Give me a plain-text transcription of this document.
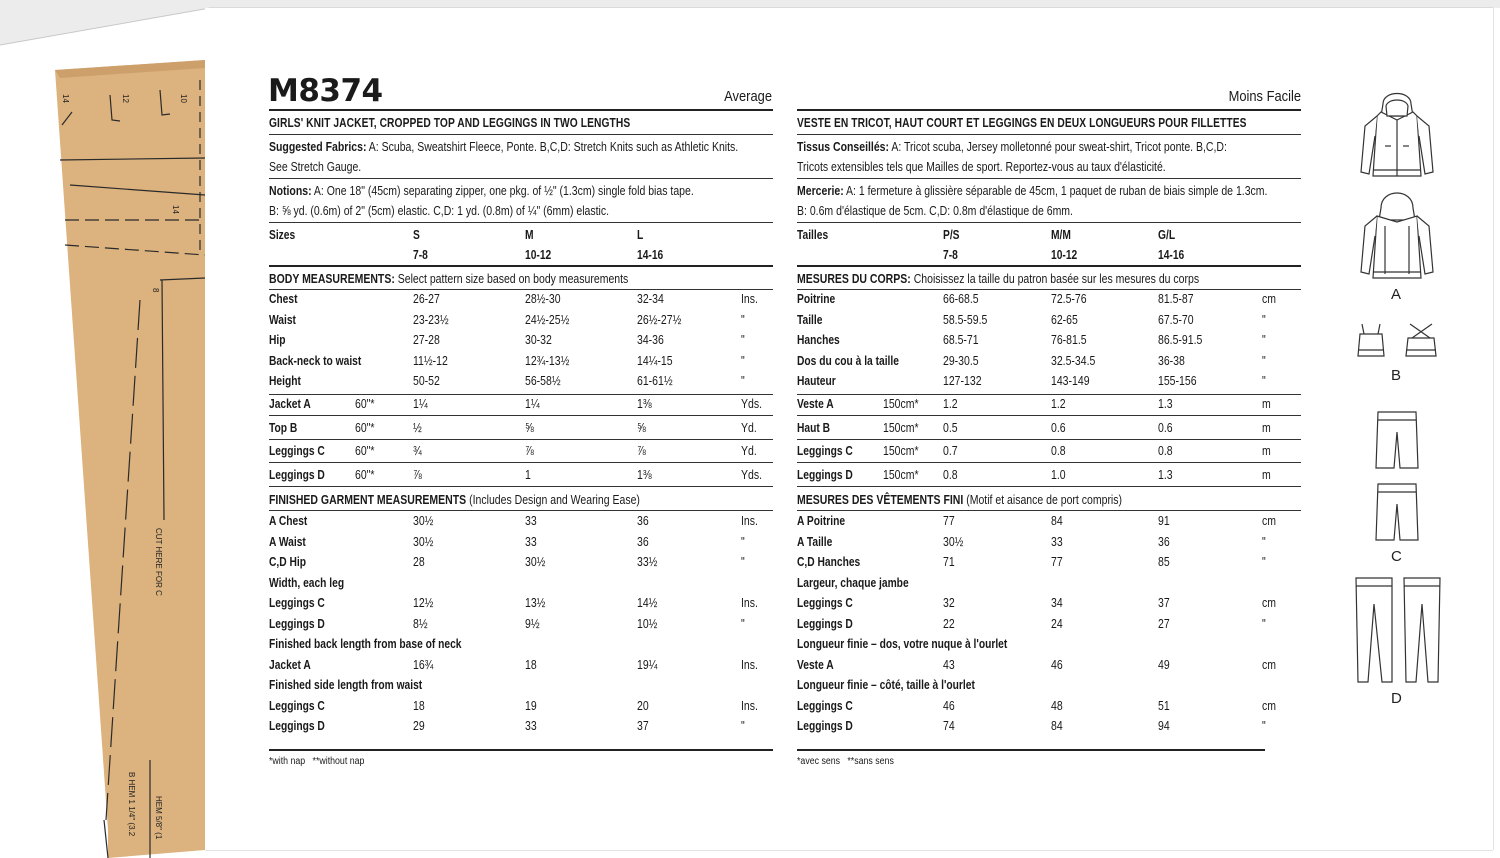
14	12	10
14
8
CUT HERE FOR C
B HEM 1 1/4" (3.2 HEM 5/8" (1
M8374	Average
GIRLS' KNIT JACKET, CROPPED TOP AND LEGGINGS IN TWO LENGTHS
Suggested Fabrics: A: Scuba, Sweatshirt Fleece, Ponte. B,C,D: Stretch Knits such as Athletic Knits.
See Stretch Gauge.
Notions: A: One 18" (45cm) separating zipper, one pkg. of ½" (1.3cm) single fold bias tape.
B: ⅝ yd. (0.6m) of 2" (5cm) elastic. C,D: 1 yd. (0.8m) of ¼" (6mm) elastic.
Sizes	S	M	L
7-8	10-12	14-16
BODY MEASUREMENTS: Select pattern size based on body measurements
Chest	26-27	28½-30	32-34	Ins.
Waist	23-23½	24½-25½	26½-27½	"
Hip	27-28	30-32	34-36	"
Back-neck to waist	11½-12	12¾-13½	14¼-15	"
Height	50-52	56-58½	61-61½	"
Jacket A	60"*	1¼	1¼	1⅜	Yds.
Top B	60"*	½	⅝	⅝	Yd.
Leggings C 60"*	¾	⅞	⅞	Yd.
Leggings D 60"*	⅞	1	1⅜	Yds.
FINISHED GARMENT MEASUREMENTS (Includes Design and Wearing Ease)
A Chest	30½	33	36	Ins.
A Waist	30½	33	36	"
C,D Hip	28	30½	33½	"
Width, each leg
Leggings C	12½	13½	14½	Ins.
Leggings D	8½	9½	10½	"
Finished back length from base of neck
Jacket A	16¾	18	19¼	Ins.
Finished side length from waist
Leggings C	18	19	20	Ins.
Leggings D	29	33	37	"
*with nap   **without nap
Moins Facile
VESTE EN TRICOT, HAUT COURT ET LEGGINGS EN DEUX LONGUEURS POUR FILLETTES
Tissus Conseillés: A: Tricot scuba, Jersey molletonné pour sweat-shirt, Tricot ponte. B,C,D:
Tricots extensibles tels que Mailles de sport. Reportez-vous au taux d'élasticité.
Mercerie: A: 1 fermeture à glissière séparable de 45cm, 1 paquet de ruban de biais simple de 1.3cm.
B: 0.6m d'élastique de 5cm. C,D: 0.8m d'élastique de 6mm.
Tailles	P/S	M/M	G/L
7-8	10-12	14-16
MESURES DU CORPS: Choisissez la taille du patron basée sur les mesures du corps
Poitrine	66-68.5	72.5-76	81.5-87	cm
Taille	58.5-59.5	62-65	67.5-70	"
Hanches	68.5-71	76-81.5	86.5-91.5	"
Dos du cou à la taille	29-30.5	32.5-34.5	36-38	"
Hauteur	127-132	143-149	155-156	"
Veste A	150cm* 1.2	1.2	1.3	m
Haut B	150cm* 0.5	0.6	0.6	m
Leggings C 150cm* 0.7	0.8	0.8	m
Leggings D 150cm* 0.8	1.0	1.3	m
MESURES DES VÊTEMENTS FINI (Motif et aisance de port compris)
A Poitrine	77	84	91	cm
A Taille	30½	33	36	"
C,D Hanches	71	77	85	"
Largeur, chaque jambe
Leggings C	32	34	37	cm
Leggings D	22	24	27	"
Longueur finie – dos, votre nuque à l'ourlet
Veste A	43	46	49	cm
Longueur finie – côté, taille à l'ourlet
Leggings C	46	48	51	cm
Leggings D	74	84	94	"
*avec sens   **sans sens
A
B
C
D
